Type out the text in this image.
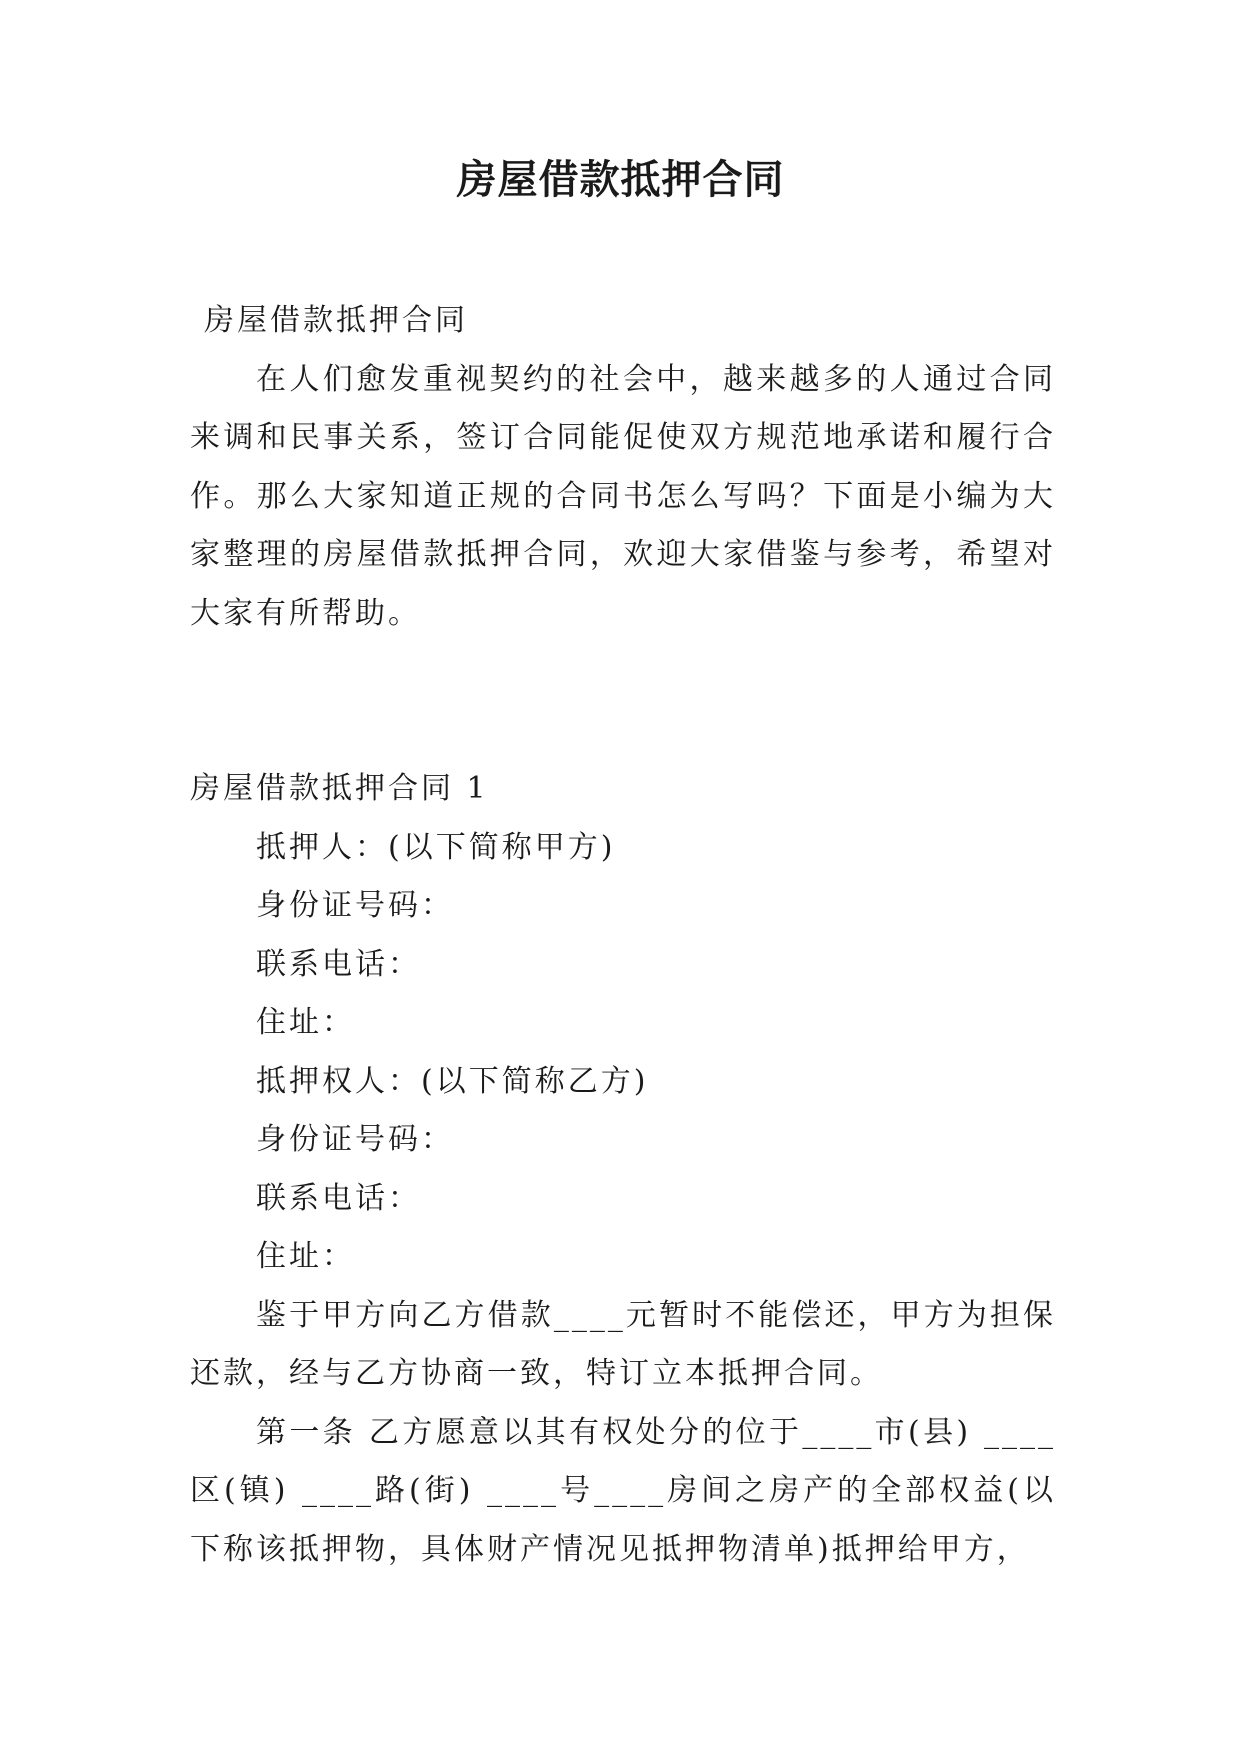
房屋借款抵押合同

房屋借款抵押合同

在人们愈发重视契约的社会中，越来越多的人通过合同来调和民事关系，签订合同能促使双方规范地承诺和履行合作。那么大家知道正规的合同书怎么写吗？下面是小编为大家整理的房屋借款抵押合同，欢迎大家借鉴与参考，希望对大家有所帮助。

房屋借款抵押合同 1

抵押人：(以下简称甲方)

身份证号码：

联系电话：

住址：

抵押权人：(以下简称乙方)

身份证号码：

联系电话：

住址：

鉴于甲方向乙方借款____元暂时不能偿还，甲方为担保还款，经与乙方协商一致，特订立本抵押合同。

第一条 乙方愿意以其有权处分的位于____市(县) ____区(镇) ____路(街) ____号____房间之房产的全部权益(以下称该抵押物，具体财产情况见抵押物清单)抵押给甲方，
